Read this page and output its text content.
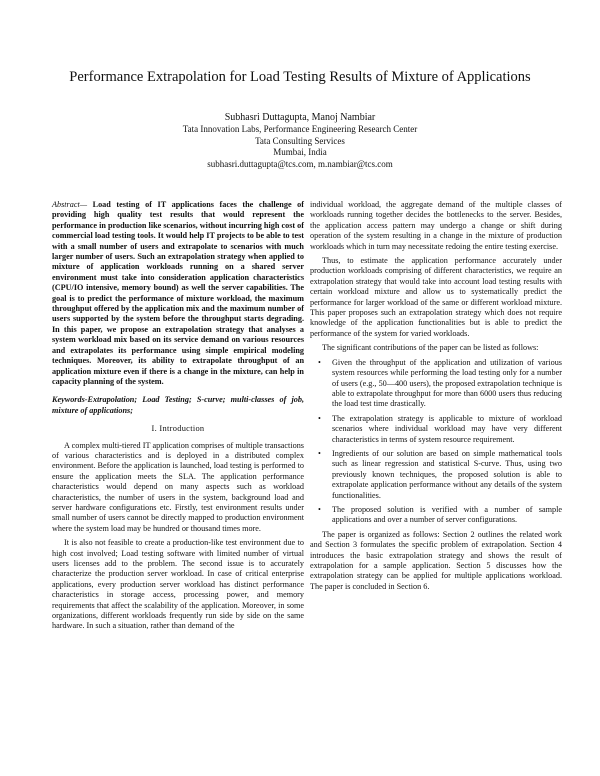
Performance Extrapolation for Load Testing Results of Mixture of Applications
Subhasri Duttagupta, Manoj Nambiar
Tata Innovation Labs, Performance Engineering Research Center
Tata Consulting Services
Mumbai, India
subhasri.duttagupta@tcs.com, m.nambiar@tcs.com

Abstract— Load testing of IT applications faces the challenge of providing high quality test results that would represent the performance in production like scenarios, without incurring high cost of commercial load testing tools. It would help IT projects to be able to test with a small number of users and extrapolate to scenarios with much larger number of users. Such an extrapolation strategy when applied to mixture of application workloads running on a shared server environment must take into consideration application characteristics (CPU/IO intensive, memory bound) as well the server capabilities. The goal is to predict the performance of mixture workload, the maximum throughput offered by the application mix and the maximum number of users supported by the system before the throughput starts degrading. In this paper, we propose an extrapolation strategy that analyses a system workload mix based on its service demand on various resources and extrapolates its performance using simple empirical modeling techniques. Moreover, its ability to extrapolate throughput of an application mixture even if there is a change in the mixture, can help in capacity planning of the system.

Keywords-Extrapolation; Load Testing; S-curve; multi-classes of job, mixture of applications;

I. Introduction

A complex multi-tiered IT application comprises of multiple transactions of various characteristics and is deployed in a distributed complex environment. Before the application is launched, load testing is performed to ensure the application meets the SLA. The application performance characteristics would depend on many aspects such as workload characteristics, the number of users in the system, background load and server hardware configurations etc. Firstly, test environment results under small number of users cannot be directly mapped to production environment where the system load may be hundred or thousand times more.

It is also not feasible to create a production-like test environment due to high cost involved; Load testing software with limited number of virtual users licenses add to the problem. The second issue is to accurately characterize the production server workload. In case of critical enterprise applications, every production server workload has distinct performance characteristics in storage access, processing power, and memory requirements that affect the scalability of the application. Moreover, in some organizations, different workloads frequently run side by side on the same hardware. In such a situation, rather than demand of the

individual workload, the aggregate demand of the multiple classes of workloads running together decides the bottlenecks to the server. Besides, the application access pattern may undergo a change or shift during operation of the system resulting in a change in the mixture of production workloads which in turn may necessitate redoing the entire testing exercise.

Thus, to estimate the application performance accurately under production workloads comprising of different characteristics, we require an extrapolation strategy that would take into account load testing results with certain workload mixture and allow us to systematically predict the performance for larger workload of the same or different workload mixture. This paper proposes such an extrapolation strategy which does not require knowledge of the application functionalities but is able to predict the performance of the system for varied workloads.

The significant contributions of the paper can be listed as follows:

• Given the throughput of the application and utilization of various system resources while performing the load testing only for a number of users (e.g., 50—400 users), the proposed extrapolation technique is able to extrapolate throughput for more than 6000 users thus reducing the load test time drastically.
• The extrapolation strategy is applicable to mixture of workload scenarios where individual workload may have very different characteristics in terms of system resource requirement.
• Ingredients of our solution are based on simple mathematical tools such as linear regression and statistical S-curve. Thus, using two previously known techniques, the proposed solution is able to extrapolate application performance without any details of the system functionalities.
• The proposed solution is verified with a number of sample applications and over a number of server configurations.

The paper is organized as follows: Section 2 outlines the related work and Section 3 formulates the specific problem of extrapolation. Section 4 introduces the basic extrapolation strategy and shows the result of extrapolation for a sample application. Section 5 discusses how the extrapolation strategy can be applied for multiple applications workload. The paper is concluded in Section 6.
